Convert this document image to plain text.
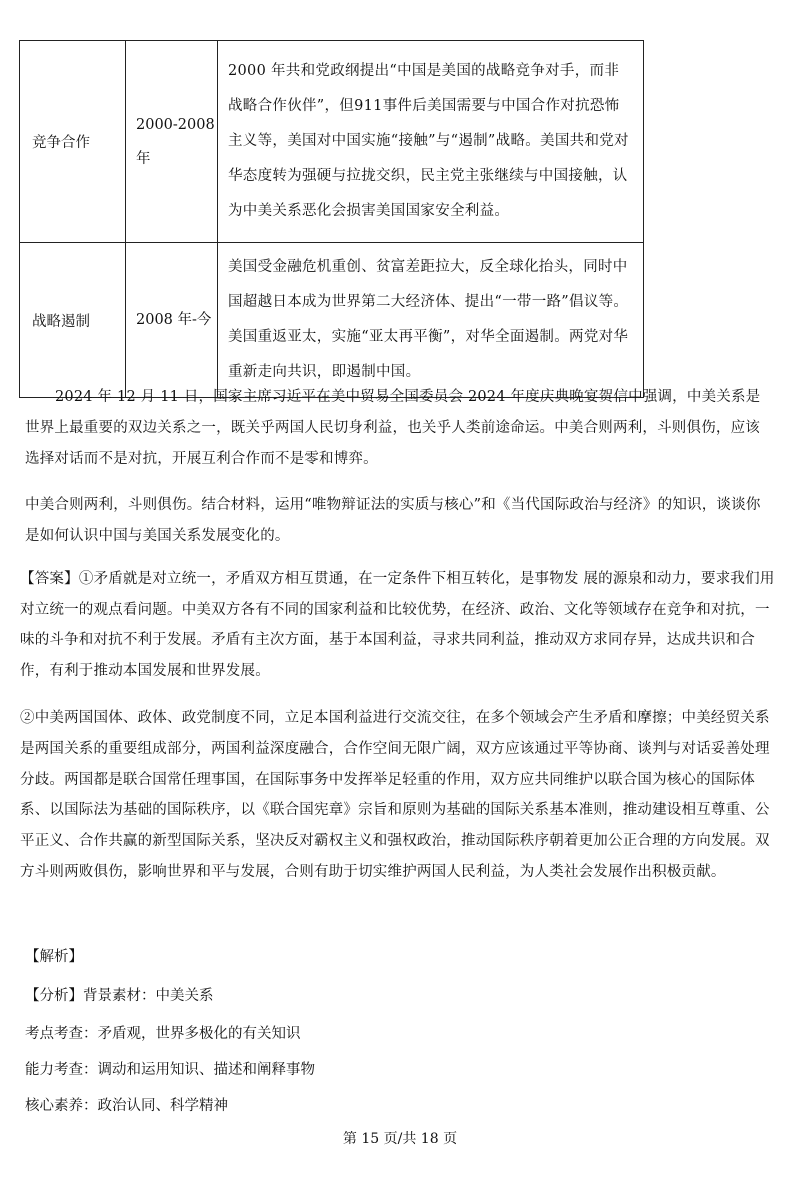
竞争合作	2000-2008年	2000 年共和党政纲提出“中国是美国的战略竞争对手，而非战略合作伙伴”，但911事件后美国需要与中国合作对抗恐怖主义等，美国对中国实施“接触”与“遏制”战略。美国共和党对华态度转为强硬与拉拢交织，民主党主张继续与中国接触，认为中美关系恶化会损害美国国家安全利益。
战略遏制	2008 年-今	美国受金融危机重创、贫富差距拉大，反全球化抬头，同时中国超越日本成为世界第二大经济体、提出“一带一路”倡议等。美国重返亚太，实施“亚太再平衡”，对华全面遏制。两党对华重新走向共识，即遏制中国。

2024 年 12 月 11 日，国家主席习近平在美中贸易全国委员会 2024 年度庆典晚宴贺信中强调，中美关系是世界上最重要的双边关系之一，既关乎两国人民切身利益，也关乎人类前途命运。中美合则两利，斗则俱伤，应该选择对话而不是对抗，开展互利合作而不是零和博弈。

中美合则两利，斗则俱伤。结合材料，运用“唯物辩证法的实质与核心”和《当代国际政治与经济》的知识，谈谈你是如何认识中国与美国关系发展变化的。

【答案】①矛盾就是对立统一，矛盾双方相互贯通，在一定条件下相互转化，是事物发 展的源泉和动力，要求我们用对立统一的观点看问题。中美双方各有不同的国家利益和比较优势，在经济、政治、文化等领域存在竞争和对抗，一味的斗争和对抗不利于发展。矛盾有主次方面，基于本国利益，寻求共同利益，推动双方求同存异，达成共识和合作，有利于推动本国发展和世界发展。

②中美两国国体、政体、政党制度不同，立足本国利益进行交流交往，在多个领域会产生矛盾和摩擦；中美经贸关系是两国关系的重要组成部分，两国利益深度融合，合作空间无限广阔，双方应该通过平等协商、谈判与对话妥善处理分歧。两国都是联合国常任理事国，在国际事务中发挥举足轻重的作用，双方应共同维护以联合国为核心的国际体系、以国际法为基础的国际秩序，以《联合国宪章》宗旨和原则为基础的国际关系基本准则，推动建设相互尊重、公平正义、合作共赢的新型国际关系，坚决反对霸权主义和强权政治，推动国际秩序朝着更加公正合理的方向发展。双方斗则两败俱伤，影响世界和平与发展，合则有助于切实维护两国人民利益，为人类社会发展作出积极贡献。

【解析】

【分析】背景素材：中美关系

考点考查：矛盾观，世界多极化的有关知识

能力考查：调动和运用知识、描述和阐释事物

核心素养：政治认同、科学精神

第 15 页/共 18 页
